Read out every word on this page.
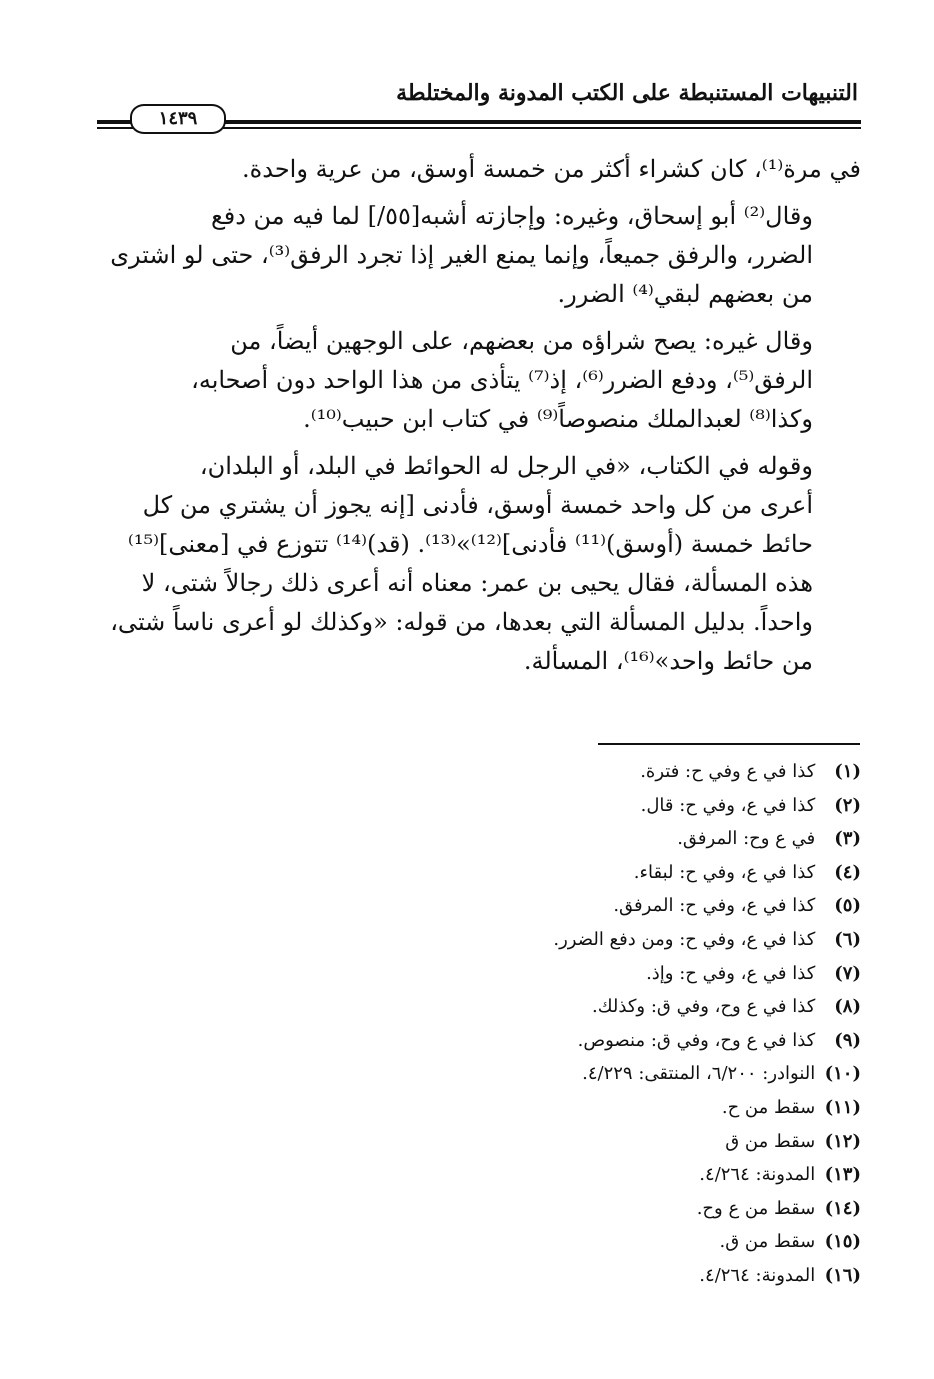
التنبيهات المستنبطة على الكتب المدونة والمختلطة
١٤٣٩

في مرة⁽¹⁾، كان كشراء أكثر من خمسة أوسق، من عرية واحدة.

وقال⁽²⁾ أبو إسحاق، وغيره: وإجازته أشبه[٥٥/] لما فيه من دفع
الضرر، والرفق جميعاً، وإنما يمنع الغير إذا تجرد الرفق⁽³⁾، حتى لو اشترى
من بعضهم لبقي⁽⁴⁾ الضرر.

وقال غيره: يصح شراؤه من بعضهم، على الوجهين أيضاً، من
الرفق⁽⁵⁾، ودفع الضرر⁽⁶⁾، إذ⁽⁷⁾ يتأذى من هذا الواحد دون أصحابه،
وكذا⁽⁸⁾ لعبدالملك منصوصاً⁽⁹⁾ في كتاب ابن حبيب⁽¹⁰⁾.

وقوله في الكتاب، «في الرجل له الحوائط في البلد، أو البلدان،
أعرى من كل واحد خمسة أوسق، فأدنى [إنه يجوز أن يشتري من كل
حائط خمسة (أوسق)⁽¹¹⁾ فأدنى]⁽¹²⁾»⁽¹³⁾. (قد)⁽¹⁴⁾ تتوزع في [معنى]⁽¹⁵⁾
هذه المسألة، فقال يحيى بن عمر: معناه أنه أعرى ذلك رجالاً شتى، لا
واحداً. بدليل المسألة التي بعدها، من قوله: «وكذلك لو أعرى ناساً شتى،
من حائط واحد»⁽¹⁶⁾، المسألة.

(١) كذا في ع وفي ح: فترة.
(٢) كذا في ع، وفي ح: قال.
(٣) في ع وح: المرفق.
(٤) كذا في ع، وفي ح: لبقاء.
(٥) كذا في ع، وفي ح: المرفق.
(٦) كذا في ع، وفي ح: ومن دفع الضرر.
(٧) كذا في ع، وفي ح: وإذ.
(٨) كذا في ع وح، وفي ق: وكذلك.
(٩) كذا في ع وح، وفي ق: منصوص.
(١٠) النوادر: ٦/٢٠٠، المنتقى: ٤/٢٢٩.
(١١) سقط من ح.
(١٢) سقط من ق
(١٣) المدونة: ٤/٢٦٤.
(١٤) سقط من ع وح.
(١٥) سقط من ق.
(١٦) المدونة: ٤/٢٦٤.
